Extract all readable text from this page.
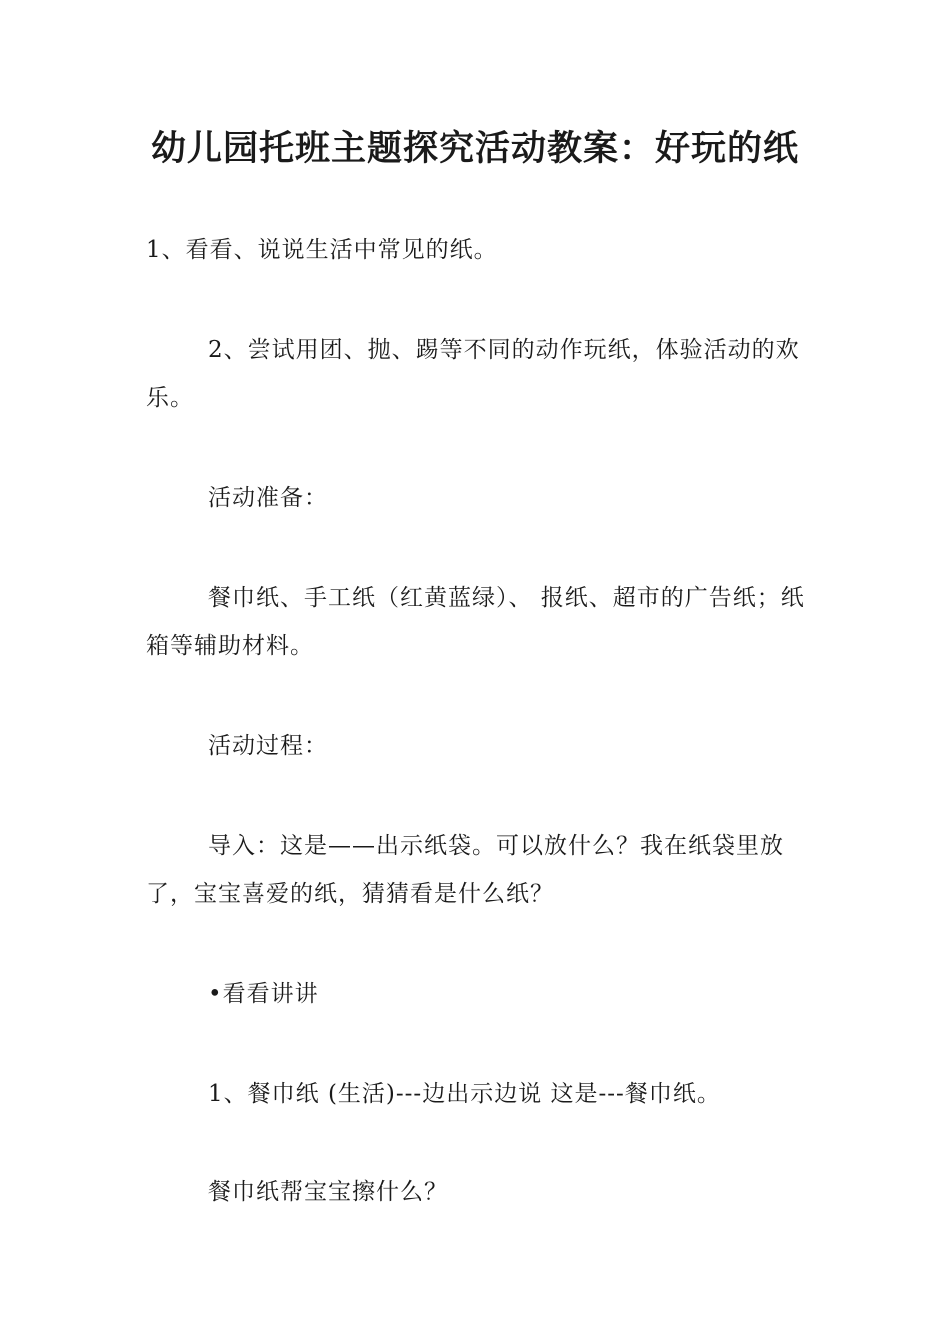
幼儿园托班主题探究活动教案：好玩的纸

1、看看、说说生活中常见的纸。

2、尝试用团、抛、踢等不同的动作玩纸，体验活动的欢乐。

活动准备：

餐巾纸、手工纸（红黄蓝绿）、 报纸、超市的广告纸；纸箱等辅助材料。

活动过程：

导入：这是——出示纸袋。可以放什么？我在纸袋里放了，宝宝喜爱的纸，猜猜看是什么纸？

•看看讲讲

1、餐巾纸 (生活)---边出示边说 这是---餐巾纸。

餐巾纸帮宝宝擦什么？
